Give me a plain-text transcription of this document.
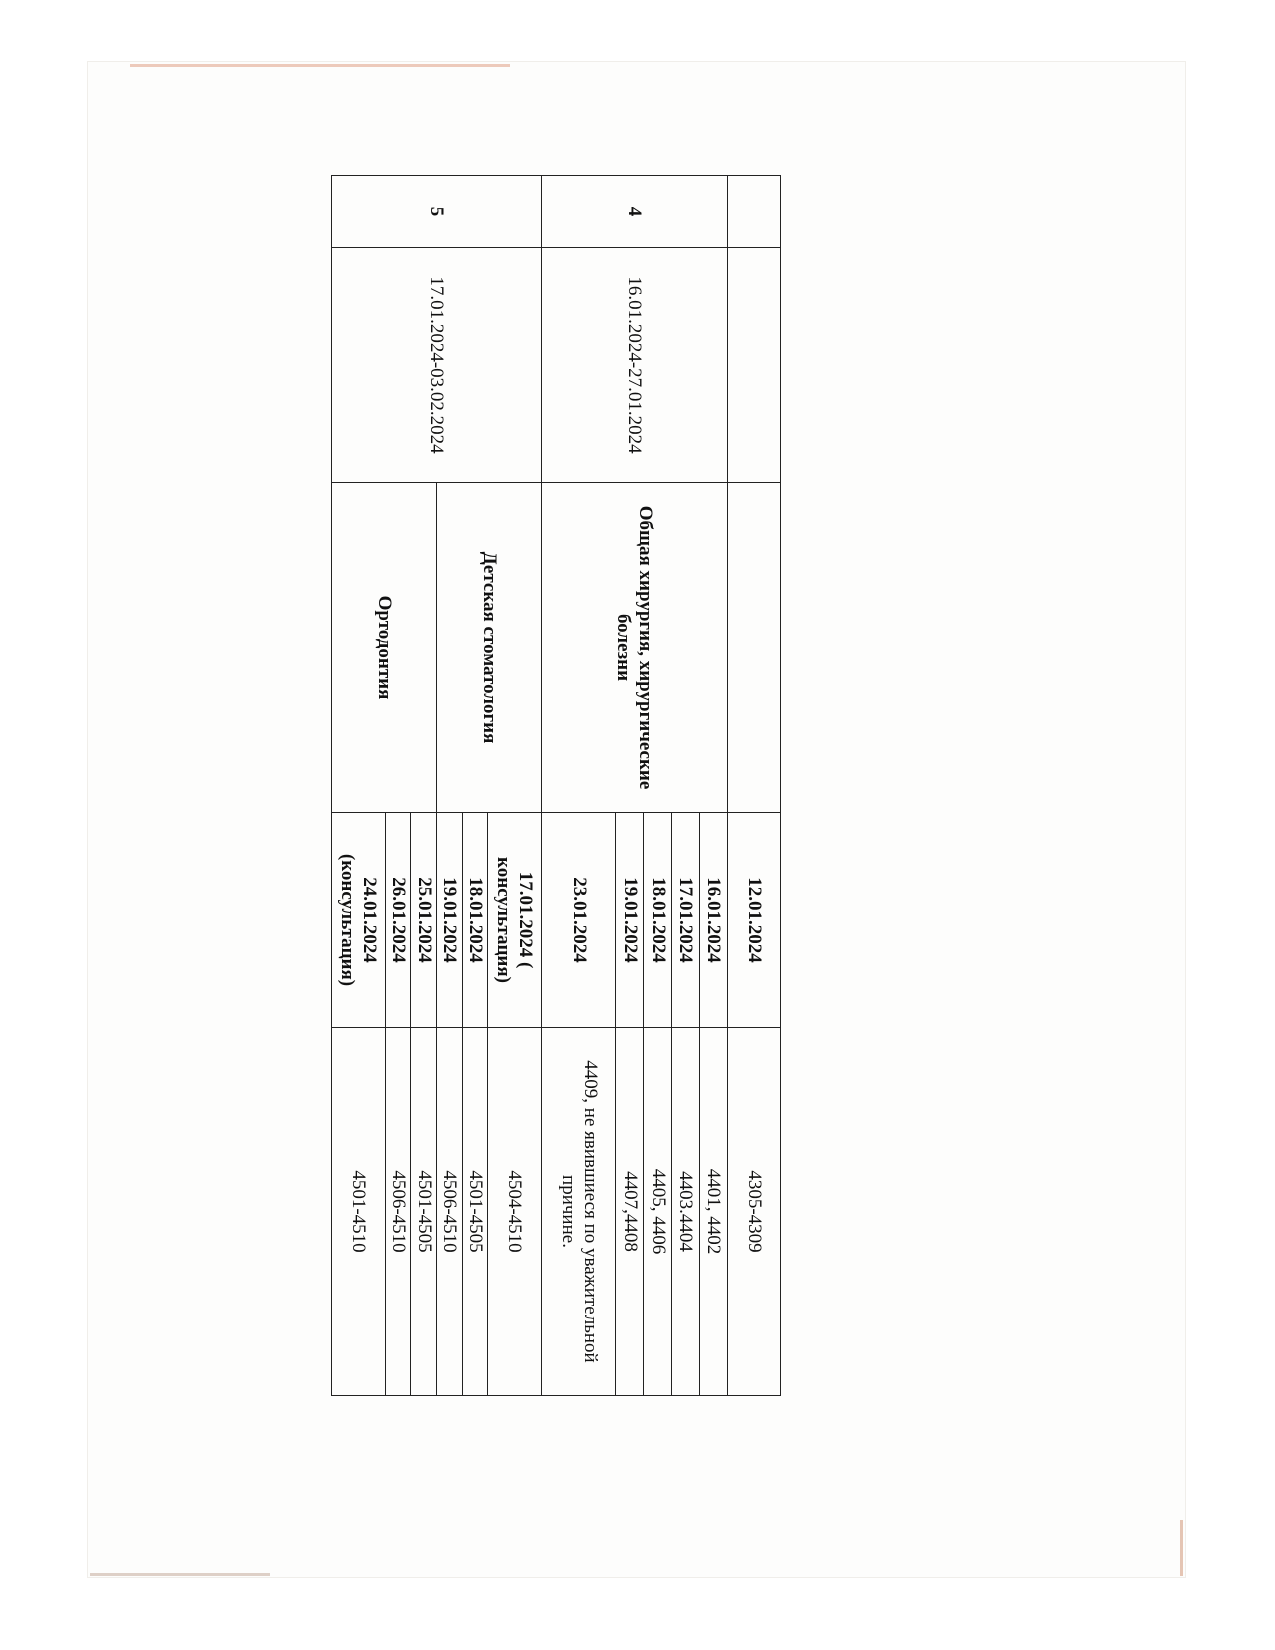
			12.01.2024	4305-4309
4	16.01.2024-27.01.2024	Общая хирургия, хирургические болезни	16.01.2024	4401, 4402
			17.01.2024	4403.4404
			18.01.2024	4405, 4406
			19.01.2024	4407,4408
			23.01.2024	4409, не явившиеся по уважительной причине.
5	17.01.2024-03.02.2024	Детская стоматология	17.01.2024 ( консультация)	4504-4510
			18.01.2024	4501-4505
			19.01.2024	4506-4510
		Ортодонтия	25.01.2024	4501-4505
			26.01.2024	4506-4510
			24.01.2024 (консультация)	4501-4510
